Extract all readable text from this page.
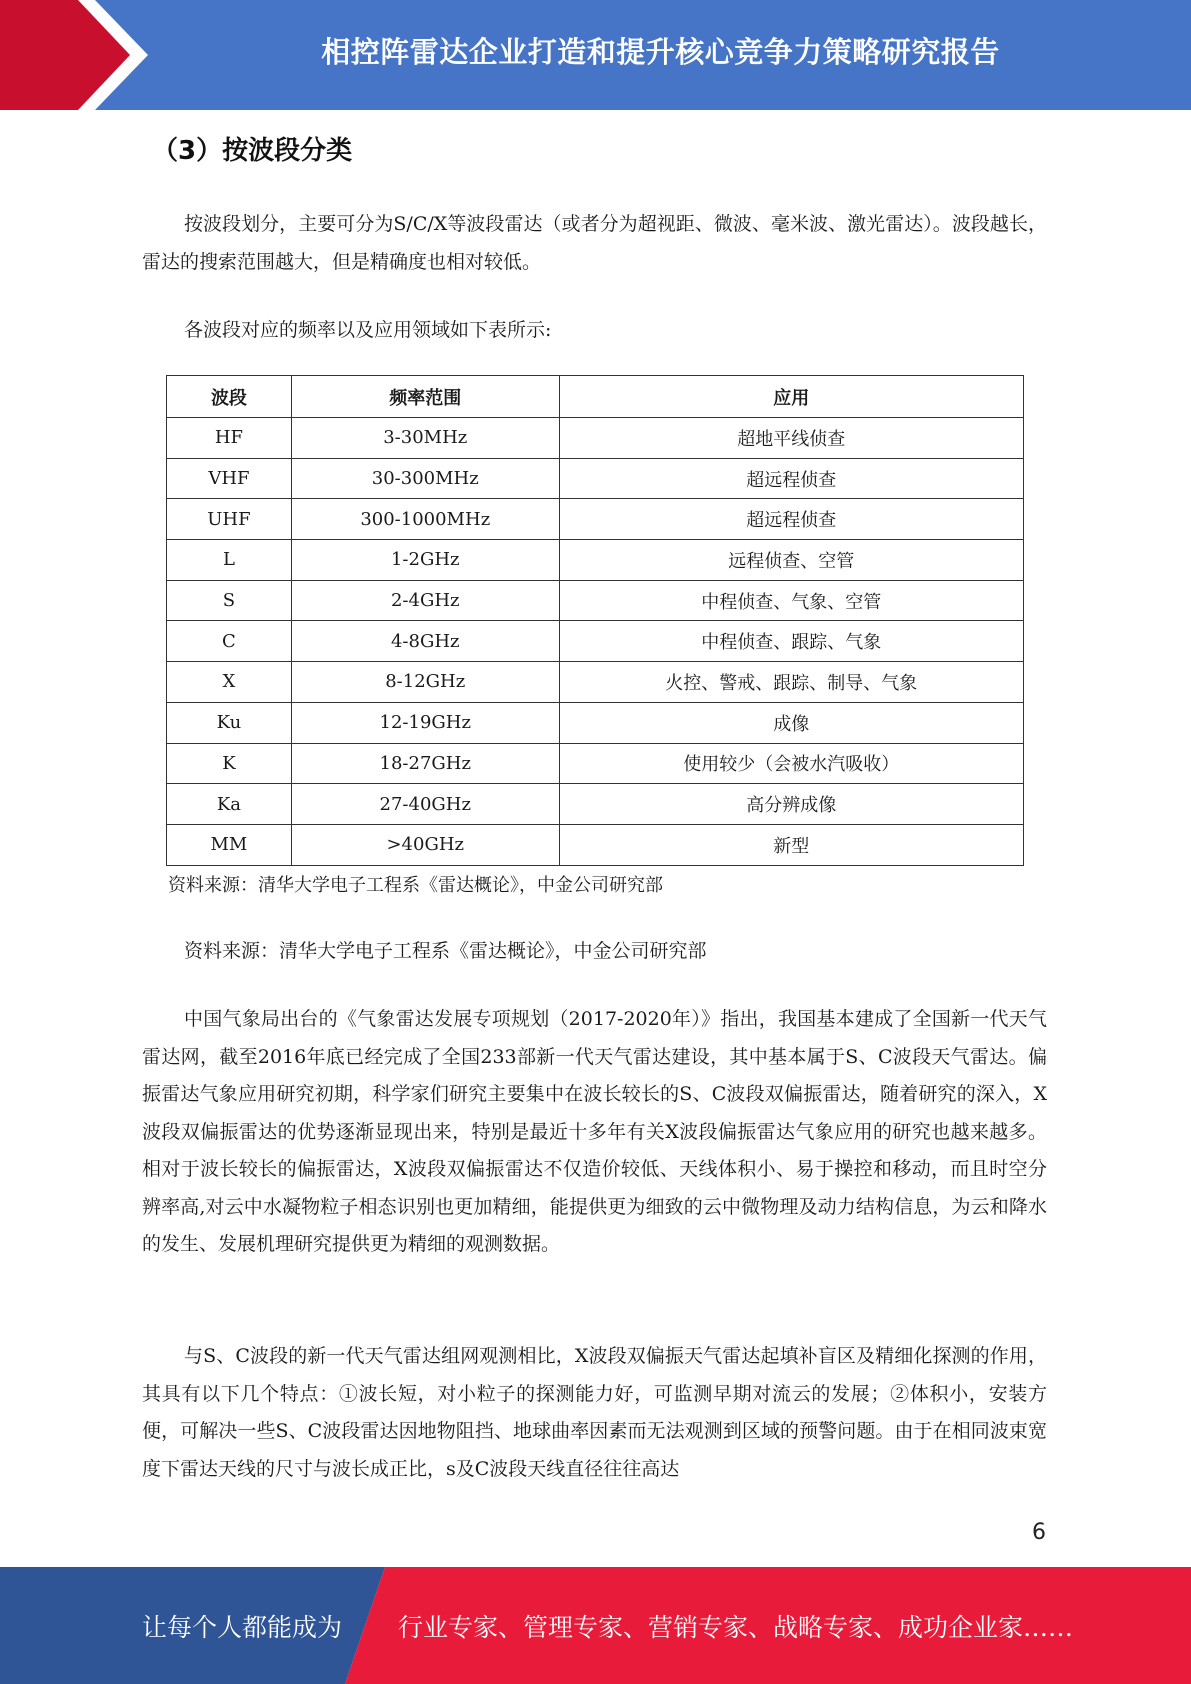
相控阵雷达企业打造和提升核心竞争力策略研究报告
（3）按波段分类

按波段划分，主要可分为S/C/X等波段雷达（或者分为超视距、微波、毫米波、激光雷达）。波段越长，雷达的搜索范围越大，但是精确度也相对较低。

各波段对应的频率以及应用领域如下表所示:

波段	频率范围	应用
HF	3-30MHz	超地平线侦查
VHF	30-300MHz	超远程侦查
UHF	300-1000MHz	超远程侦查
L	1-2GHz	远程侦查、空管
S	2-4GHz	中程侦查、气象、空管
C	4-8GHz	中程侦查、跟踪、气象
X	8-12GHz	火控、警戒、跟踪、制导、气象
Ku	12-19GHz	成像
K	18-27GHz	使用较少（会被水汽吸收）
Ka	27-40GHz	高分辨成像
MM	>40GHz	新型
资料来源：清华大学电子工程系《雷达概论》，中金公司研究部

资料来源：清华大学电子工程系《雷达概论》，中金公司研究部

中国气象局出台的《气象雷达发展专项规划（2017-2020年）》指出，我国基本建成了全国新一代天气雷达网，截至2016年底已经完成了全国233部新一代天气雷达建设，其中基本属于S、C波段天气雷达。偏振雷达气象应用研究初期，科学家们研究主要集中在波长较长的S、C波段双偏振雷达，随着研究的深入，X波段双偏振雷达的优势逐渐显现出来，特别是最近十多年有关X波段偏振雷达气象应用的研究也越来越多。相对于波长较长的偏振雷达，X波段双偏振雷达不仅造价较低、天线体积小、易于操控和移动，而且时空分辨率高,对云中水凝物粒子相态识别也更加精细，能提供更为细致的云中微物理及动力结构信息，为云和降水的发生、发展机理研究提供更为精细的观测数据。

与S、C波段的新一代天气雷达组网观测相比，X波段双偏振天气雷达起填补盲区及精细化探测的作用，其具有以下几个特点：①波长短，对小粒子的探测能力好，可监测早期对流云的发展；②体积小，安装方便，可解决一些S、C波段雷达因地物阻挡、地球曲率因素而无法观测到区域的预警问题。由于在相同波束宽度下雷达天线的尺寸与波长成正比，s及C波段天线直径往往高达

6
让每个人都能成为 行业专家、管理专家、营销专家、战略专家、成功企业家……
